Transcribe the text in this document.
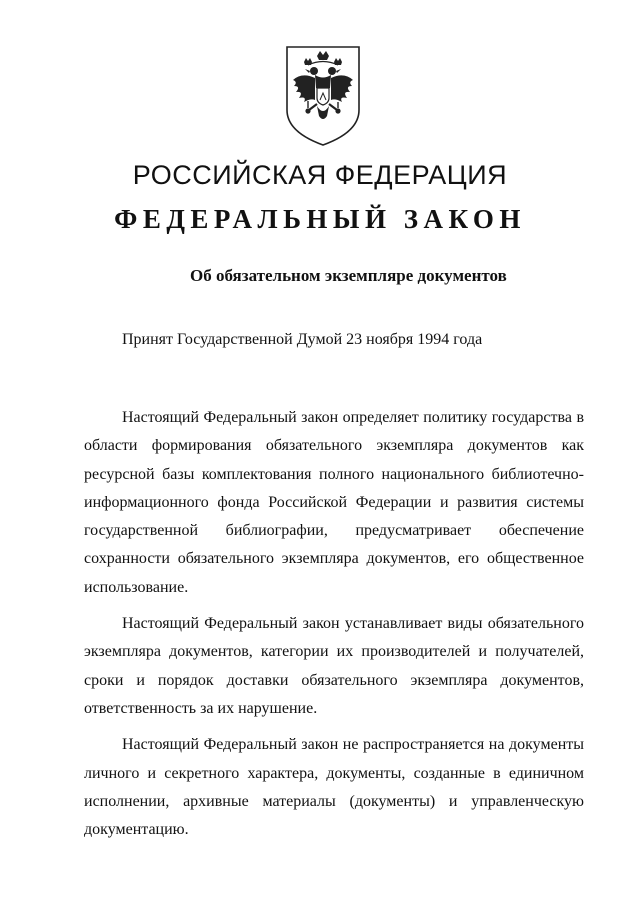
РОССИЙСКАЯ ФЕДЕРАЦИЯ
ФЕДЕРАЛЬНЫЙ ЗАКОН
Об обязательном экземпляре документов
Принят Государственной Думой 23 ноября 1994 года

Настоящий Федеральный закон определяет политику государства в области формирования обязательного экземпляра документов как ресурсной базы комплектования полного национального библиотечно-информационного фонда Российской Федерации и развития системы государственной библиографии, предусматривает обеспечение сохранности обязательного экземпляра документов, его общественное использование.

Настоящий Федеральный закон устанавливает виды обязательного экземпляра документов, категории их производителей и получателей, сроки и порядок доставки обязательного экземпляра документов, ответственность за их нарушение.

Настоящий Федеральный закон не распространяется на документы личного и секретного характера, документы, созданные в единичном исполнении, архивные материалы (документы) и управленческую документацию.
